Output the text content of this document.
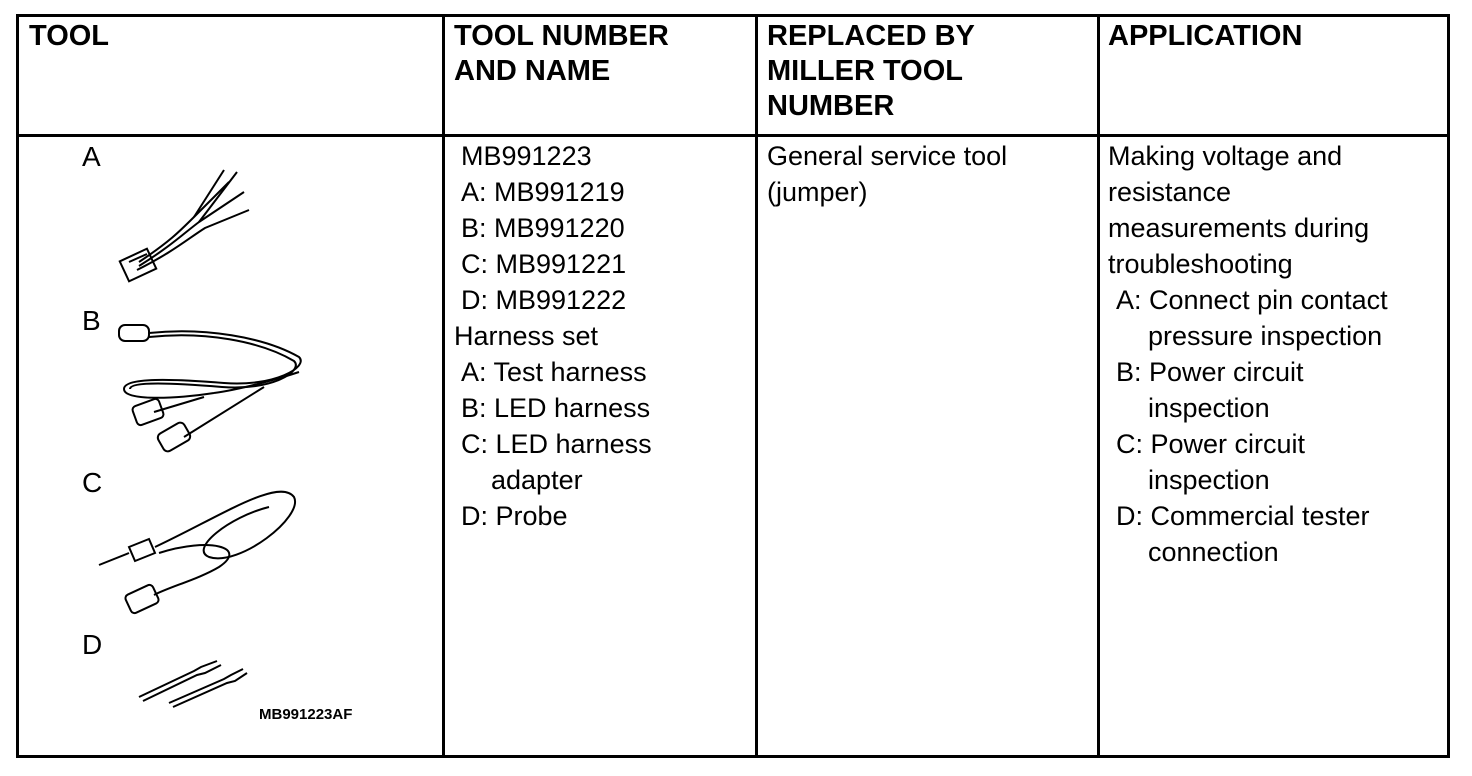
TOOL	TOOL NUMBER
AND NAME
REPLACED BY
MILLER TOOL
NUMBER
APPLICATION
A
B
C
D
MB991223AF
MB991223
A: MB991219
B: MB991220
C: MB991221
D: MB991222
Harness set
A: Test harness
B: LED harness
C: LED harness
adapter
D: Probe
General service tool
(jumper)
Making voltage and
resistance
measurements during
troubleshooting
A: Connect pin contact
pressure inspection
B: Power circuit
inspection
C: Power circuit
inspection
D: Commercial tester
connection
